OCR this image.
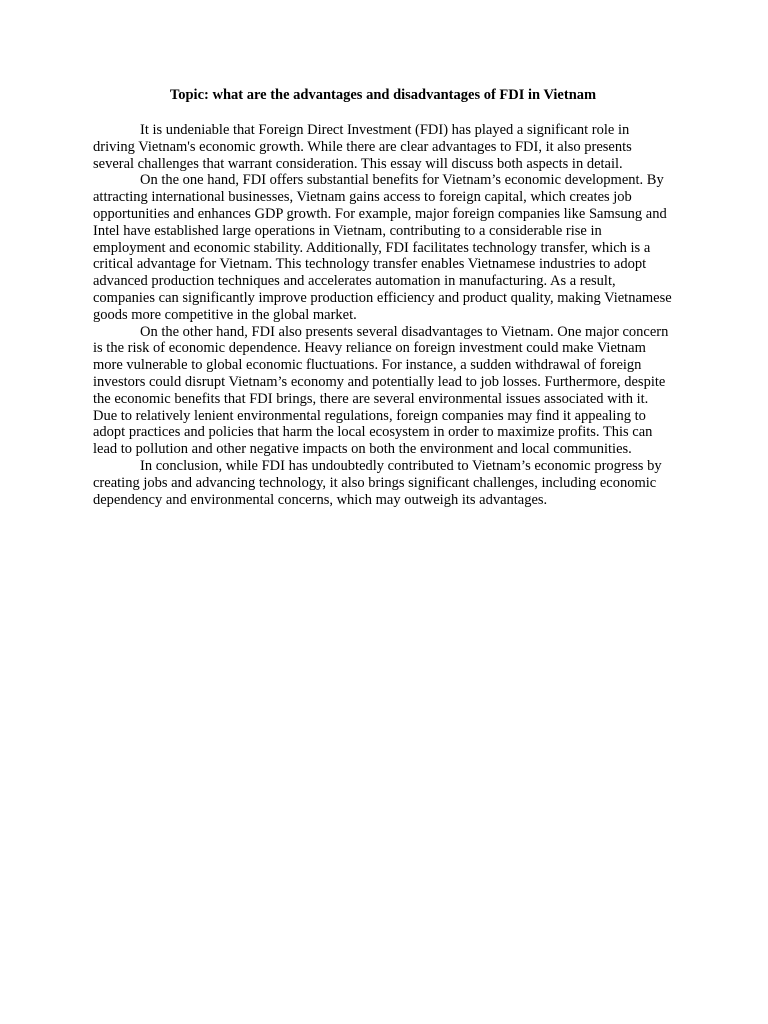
Topic: what are the advantages and disadvantages of FDI in Vietnam

It is undeniable that Foreign Direct Investment (FDI) has played a significant role in driving Vietnam's economic growth. While there are clear advantages to FDI, it also presents several challenges that warrant consideration. This essay will discuss both aspects in detail.

On the one hand, FDI offers substantial benefits for Vietnam’s economic development. By attracting international businesses, Vietnam gains access to foreign capital, which creates job opportunities and enhances GDP growth. For example, major foreign companies like Samsung and Intel have established large operations in Vietnam, contributing to a considerable rise in employment and economic stability. Additionally, FDI facilitates technology transfer, which is a critical advantage for Vietnam. This technology transfer enables Vietnamese industries to adopt advanced production techniques and accelerates automation in manufacturing. As a result, companies can significantly improve production efficiency and product quality, making Vietnamese goods more competitive in the global market.

On the other hand, FDI also presents several disadvantages to Vietnam. One major concern is the risk of economic dependence. Heavy reliance on foreign investment could make Vietnam more vulnerable to global economic fluctuations. For instance, a sudden withdrawal of foreign investors could disrupt Vietnam’s economy and potentially lead to job losses. Furthermore, despite the economic benefits that FDI brings, there are several environmental issues associated with it. Due to relatively lenient environmental regulations, foreign companies may find it appealing to adopt practices and policies that harm the local ecosystem in order to maximize profits. This can lead to pollution and other negative impacts on both the environment and local communities.

In conclusion, while FDI has undoubtedly contributed to Vietnam’s economic progress by creating jobs and advancing technology, it also brings significant challenges, including economic dependency and environmental concerns, which may outweigh its advantages.
